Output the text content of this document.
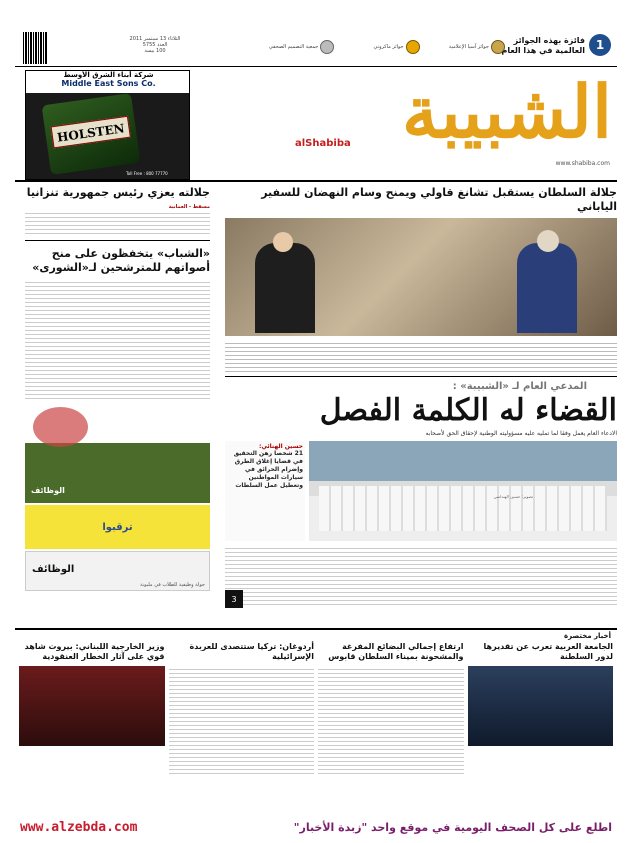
الثلاثاء 13 سبتمبر 2011
العدد 5755
100 بيسة
جمعية التصميم الصحفي	جوائز ماكروني	جوائز آسيا الإعلامية
فائزة بهذه الجوائز العالمية في هذا العام 1
شركة أبناء الشرق الأوسط
Middle East Sons Co.
HOLSTEN
Toll Free : 800 77770
الشبيبة
alShabiba
www.shabiba.com
جلالته يعزي رئيس جمهورية تنزانيا
مسقط - العمانية
«الشباب» يتخفظون على منح أصواتهم للمترشحين لـ«الشورى»
الوظائف
ترقبوا
الوظائف
جولة وظيفية للطلاب في مليونة
جلالة السلطان يستقبل تشانغ قاولي ويمنح وسام النهضان للسفير الياباني
المدعي العام لـ «الشبيبة» :
القضاء له الكلمة الفصل
الادعاء العام يعمل وفقا لما تمليه عليه مسؤوليته الوطنية لإحقاق الحق لأصحابه
حسين الهنائي:
21 شخصا رهن التحقيق في قضايا إغلاق الطرق وإضرام الحرائق في سيارات المواطنين وتعطيل عمل السلطات
3
تصوير: حسين الهنداسي
أخبار مختصرة
الجامعة العربية تعرب عن تقديرها لدور السلطنة
ارتفاع إجمالي البضائع المفرغة والمشحونة بميناء السلطان قابوس
أردوغان: تركيا ستتصدى للعربدة الإسرائيلية
وزير الخارجية اللبناني: بيروت شاهد قوي على آثار الخطار العنقودية
اطلع على كل الصحف اليومية في موقع واحد "زبدة الأخبار"
www.alzebda.com
